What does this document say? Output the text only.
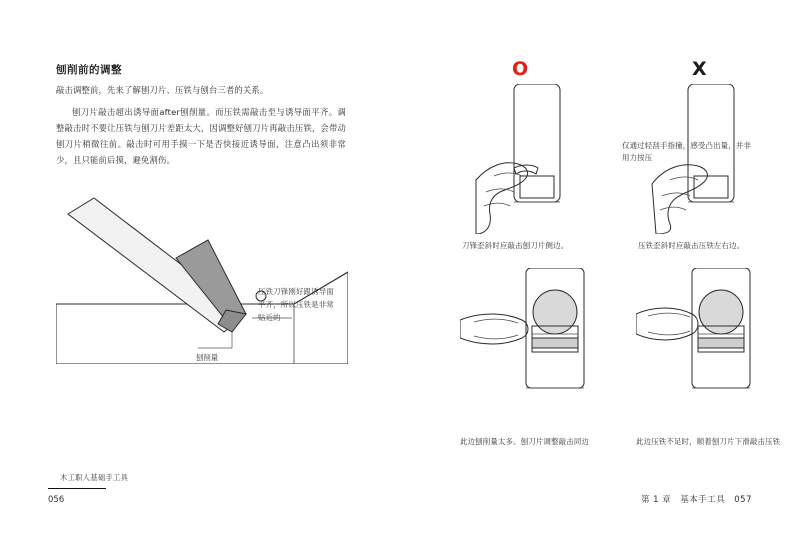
刨削前的调整
敲击调整前，先来了解刨刀片、压铁与刨台三者的关系。
刨刀片敲击超出诱导面after刨削量。而压铁需敲击至与诱导面平齐。调整敲击时不要让压铁与刨刀片差距太大，因调整好刨刀片再敲击压铁，会带动刨刀片稍微往前。敲击时可用手摸一下是否快接近诱导面，注意凸出须非常少，且只能前后摸，避免割伤。
压铁刀锋刚好跟诱导面平齐，所以压铁是非常贴近的
刨削量
木工职人基础手工具
056
O	X
仅通过轻刮手指撞，感受凸出量，并非用力按压
刀锋歪斜时应敲击刨刀片侧边。	压铁歪斜时应敲击压铁左右边。
此边刨削量太多。刨刀片调整敲击同边	此边压铁不足时，顺着刨刀片下滑敲击压铁
第 1 章　基本手工具　057
